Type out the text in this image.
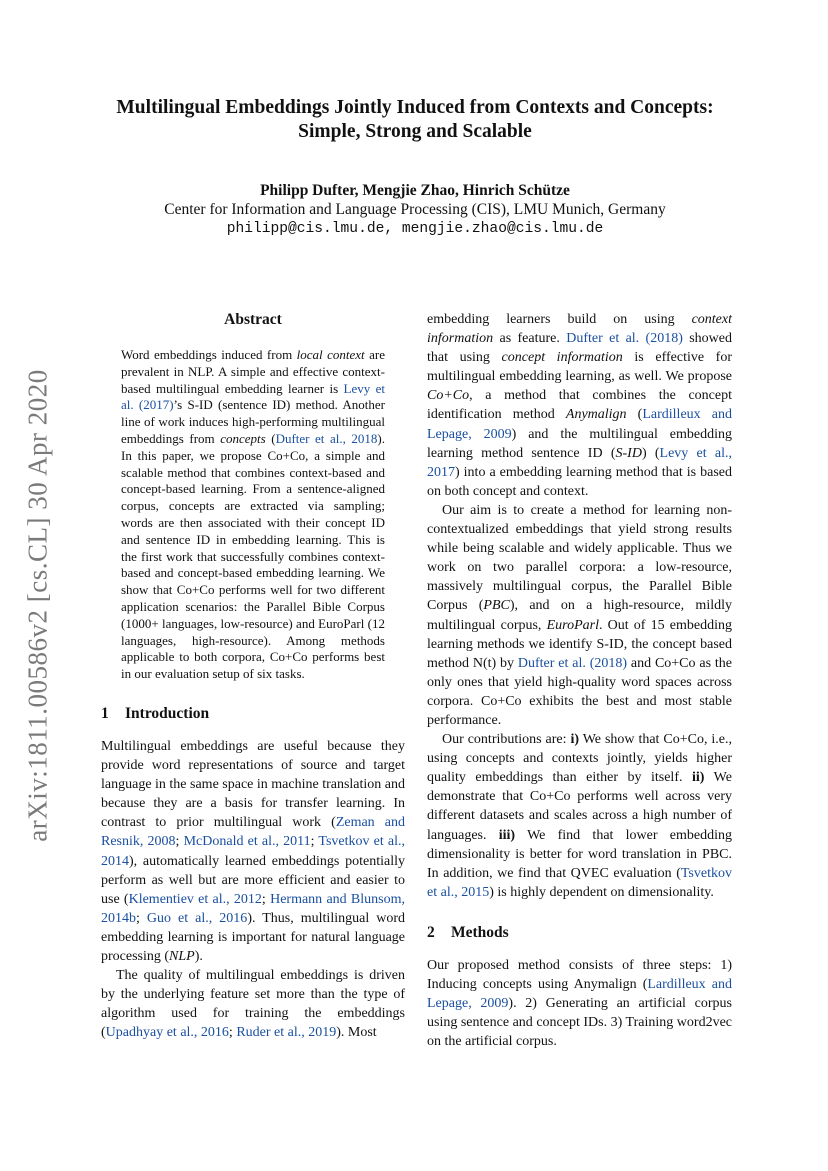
arXiv:1811.00586v2 [cs.CL] 30 Apr 2020
Multilingual Embeddings Jointly Induced from Contexts and Concepts: Simple, Strong and Scalable
Philipp Dufter, Mengjie Zhao, Hinrich Schütze
Center for Information and Language Processing (CIS), LMU Munich, Germany
philipp@cis.lmu.de, mengjie.zhao@cis.lmu.de
Abstract
Word embeddings induced from local context are prevalent in NLP. A simple and effective context-based multilingual embedding learner is Levy et al. (2017)’s S-ID (sentence ID) method. Another line of work induces high-performing multilingual embeddings from concepts (Dufter et al., 2018). In this paper, we propose Co+Co, a simple and scalable method that combines context-based and concept-based learning. From a sentence-aligned corpus, concepts are extracted via sampling; words are then associated with their concept ID and sentence ID in embedding learning. This is the first work that successfully combines context-based and concept-based embedding learning. We show that Co+Co performs well for two different application scenarios: the Parallel Bible Corpus (1000+ languages, low-resource) and EuroParl (12 languages, high-resource). Among methods applicable to both corpora, Co+Co performs best in our evaluation setup of six tasks.
1 Introduction

Multilingual embeddings are useful because they provide word representations of source and target language in the same space in machine translation and because they are a basis for transfer learning. In contrast to prior multilingual work (Zeman and Resnik, 2008; McDonald et al., 2011; Tsvetkov et al., 2014), automatically learned embeddings potentially perform as well but are more efficient and easier to use (Klementiev et al., 2012; Hermann and Blunsom, 2014b; Guo et al., 2016). Thus, multilingual word embedding learning is important for natural language processing (NLP).

The quality of multilingual embeddings is driven by the underlying feature set more than the type of algorithm used for training the embeddings (Upadhyay et al., 2016; Ruder et al., 2019). Most

embedding learners build on using context information as feature. Dufter et al. (2018) showed that using concept information is effective for multilingual embedding learning, as well. We propose Co+Co, a method that combines the concept identification method Anymalign (Lardilleux and Lepage, 2009) and the multilingual embedding learning method sentence ID (S-ID) (Levy et al., 2017) into a embedding learning method that is based on both concept and context.

Our aim is to create a method for learning non-contextualized embeddings that yield strong results while being scalable and widely applicable. Thus we work on two parallel corpora: a low-resource, massively multilingual corpus, the Parallel Bible Corpus (PBC), and on a high-resource, mildly multilingual corpus, EuroParl. Out of 15 embedding learning methods we identify S-ID, the concept based method N(t) by Dufter et al. (2018) and Co+Co as the only ones that yield high-quality word spaces across corpora. Co+Co exhibits the best and most stable performance.

Our contributions are: i) We show that Co+Co, i.e., using concepts and contexts jointly, yields higher quality embeddings than either by itself. ii) We demonstrate that Co+Co performs well across very different datasets and scales across a high number of languages. iii) We find that lower embedding dimensionality is better for word translation in PBC. In addition, we find that QVEC evaluation (Tsvetkov et al., 2015) is highly dependent on dimensionality.

2 Methods

Our proposed method consists of three steps: 1) Inducing concepts using Anymalign (Lardilleux and Lepage, 2009). 2) Generating an artificial corpus using sentence and concept IDs. 3) Training word2vec on the artificial corpus.
